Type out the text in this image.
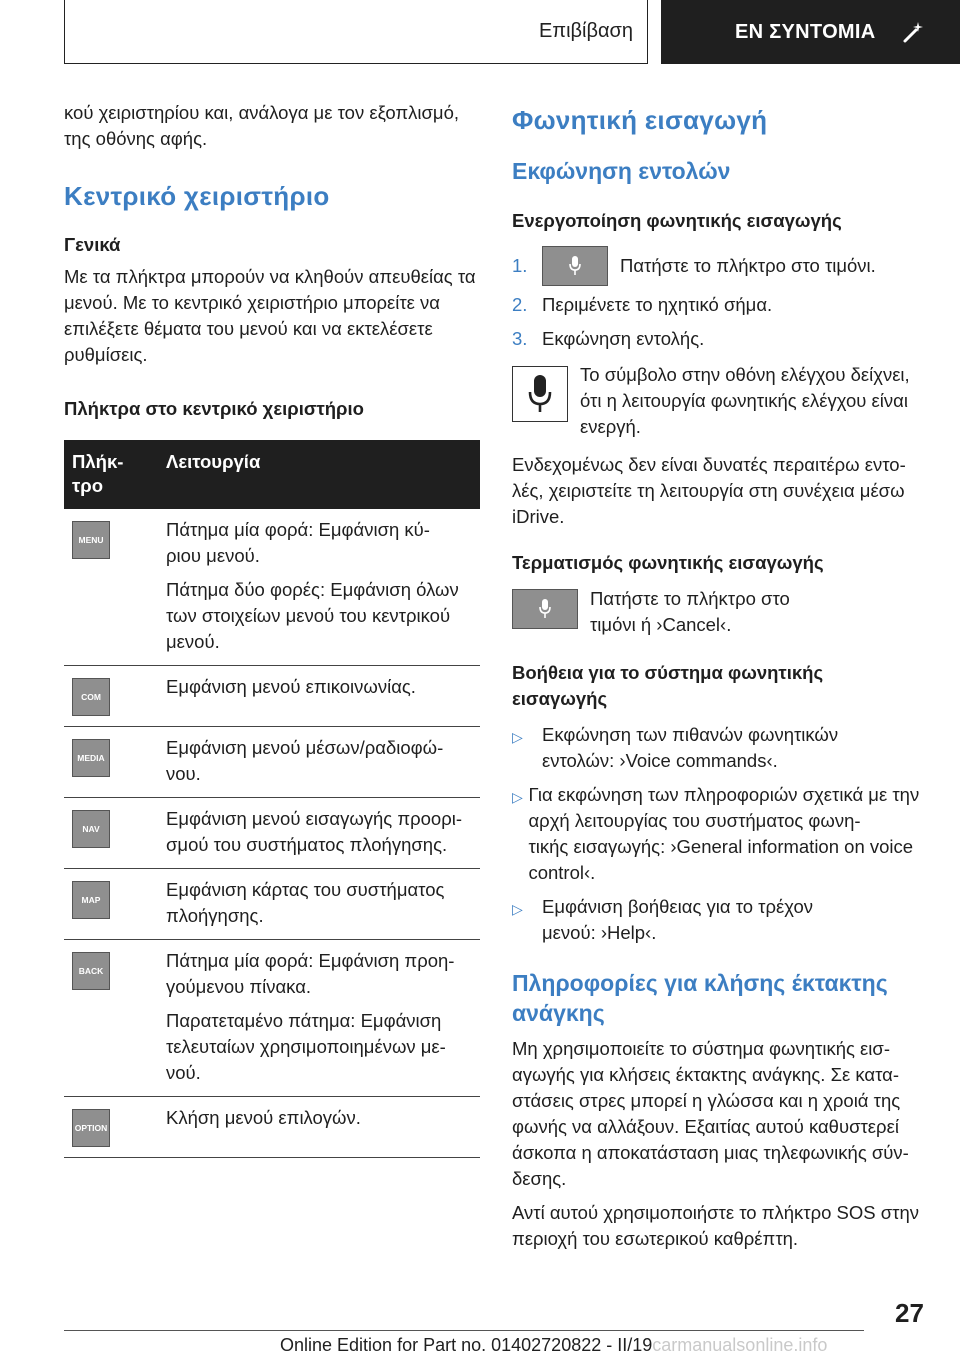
Επιβίβαση	ΕΝ ΣΥΝΤΟΜΙΑ

κού χειριστηρίου και, ανάλογα με τον εξοπλισμό, της οθόνης αφής.

Κεντρικό χειριστήριο
Γενικά

Με τα πλήκτρα μπορούν να κληθούν απευθείας τα μενού. Με το κεντρικό χειριστήριο μπορείτε να επιλέξετε θέματα του μενού και να εκτελέσετε ρυθμίσεις.

Πλήκτρα στο κεντρικό χειριστήριο
Πλήκ-
τρο	Λειτουργία

MENU	Πάτημα μία φορά: Εμφάνιση κύ-
ριου μενού.
Πάτημα δύο φορές: Εμφάνιση όλων των στοιχείων μενού του κεντρικού μενού.

COM	Εμφάνιση μενού επικοινωνίας.

MEDIA	Εμφάνιση μενού μέσων/ραδιοφώ-
νου.

NAV	Εμφάνιση μενού εισαγωγής προορι-
σμού του συστήματος πλοήγησης.

MAP	Εμφάνιση κάρτας του συστήματος πλοήγησης.

BACK	Πάτημα μία φορά: Εμφάνιση προη-
γούμενου πίνακα.
Παρατεταμένο πάτημα: Εμφάνιση τελευταίων χρησιμοποιημένων με-
νού.

OPTION	Κλήση μενού επιλογών.
Φωνητική εισαγωγή
Εκφώνηση εντολών
Ενεργοποίηση φωνητικής εισαγωγής
1.	Πατήστε το πλήκτρο στο τιμόνι.
2. Περιμένετε το ηχητικό σήμα.
3. Εκφώνηση εντολής.

Το σύμβολο στην οθόνη ελέγχου δείχνει, ότι η λειτουργία φωνητικής ελέγχου είναι ενεργή.

Ενδεχομένως δεν είναι δυνατές περαιτέρω εντο-
λές, χειριστείτε τη λειτουργία στη συνέχεια μέσω iDrive.

Τερματισμός φωνητικής εισαγωγής

Πατήστε το πλήκτρο στο τιμόνι ή ›Cancel‹.

Βοήθεια για το σύστημα φωνητικής εισαγωγής
▷	Εκφώνηση των πιθανών φωνητικών εντολών: ›Voice commands‹.
▷ Για εκφώνηση των πληροφοριών σχετικά με την αρχή λειτουργίας του συστήματος φωνη-
τικής εισαγωγής: ›General information on voice control‹.
▷	Εμφάνιση βοήθειας για το τρέχον μενού: ›Help‹.
Πληροφορίες για κλήσης έκτακτης ανάγκης

Μη χρησιμοποιείτε το σύστημα φωνητικής εισ-
αγωγής για κλήσεις έκτακτης ανάγκης. Σε κατα-
στάσεις στρες μπορεί η γλώσσα και η χροιά της φωνής να αλλάξουν. Εξαιτίας αυτού καθυστερεί άσκοπα η αποκατάσταση μιας τηλεφωνικής σύν-
δεσης.

Αντί αυτού χρησιμοποιήστε το πλήκτρο SOS στην περιοχή του εσωτερικού καθρέπτη.

27
Online Edition for Part no. 01402720822 - II/19carmanualsonline.info
